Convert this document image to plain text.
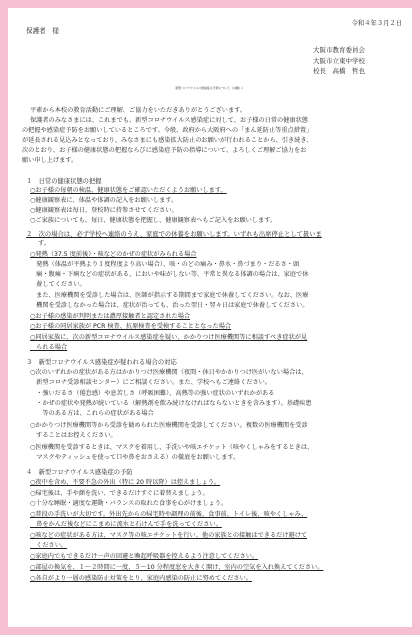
令和４年３月２日
保護者　様
大阪市教育委員会
大阪市立東中学校
校長　高橋　哲也
新型コロナウイルス感染症の予防について（お願い）
平素から本校の教育活動にご理解、ご協力をいただきありがとうございます。
保護者のみなさまには、これまでも、新型コロナウイルス感染症に対して、お子様の日常の健康状態
の把握や感染症予防をお願いしているところです。今般、政府から大阪府への「まん延防止等重点措置」
が延長される見込みとなっており、みなさまにも感染拡大防止のお願いが行われることから、引き続き、
次のとおり、お子様の健康状態の把握ならびに感染症予防の指導について、よろしくご理解ご協力をお
願い申し上げます。
１　日常の健康状態の把握
○お子様の毎朝の検温、健康状態をご確認いただくようお願いします。
○健康観察表に、体温や体調の記入をお願いします。
○健康観察表は毎日、登校時に持参させてください。
○ご家族についても、毎日、健康状態を把握し、健康観察表へもご記入をお願いします。
２　次の場合は、必ず学校へ連絡のうえ、家庭での休養をお願いします。いずれも出席停止として扱いま
す。
○発熱（37.5 度前後）・咳などのかぜの症状がみられる場合
　発熱（体温が平熱より１度程度より高い場合）、咳・のどの痛み・鼻水・鼻づまり・だるさ・頭
　痛・腹痛・下痢などの症状がある、においや味がしない等、平常と異なる体調の場合は、家庭で休
　養してください。
　また、医療機関を受診した場合は、医師が指示する期間まで家庭で休養してください。なお、医療
　機関を受診しなかった場合は、症状が治っても、治った翌日・翌々日は家庭で休養してください。
○お子様の感染が判明または濃厚接触者と認定された場合
○お子様の同居家族が PCR 検査、抗原検査を受検することとなった場合
○同居家族に、次の新型コロナウイルス感染症を疑い、かかりつけ医療機関等に相談すべき症状が見
　られる場合
３　新型コロナウイルス感染症が疑われる場合の対応
○次のいずれかの症状がある方はかかりつけ医療機関（夜間・休日やかかりつけ医がいない場合は、
　新型コロナ受診相談センター）にご相談ください。また、学校へもご連絡ください。
　・強いだるさ（倦怠感）や息苦しさ（呼吸困難）、高熱等の強い症状のいずれかがある
　・かぜの症状や発熱が続いている（解熱剤を飲み続けなければならないときを含みます）。基礎疾患
　　等のある方は、これらの症状がある場合
○かかりつけ医療機関等から受診を勧められた医療機関を受診してください。複数の医療機関を受診
　することはお控えください。
○医療機関を受診するときは、マスクを着用し、手洗いや咳エチケット（咳やくしゃみをするときは、
　マスクやティッシュを使って口や鼻をおさえる）の徹底をお願いします。
４　新型コロナウイルス感染症の予防
○夜中を含め、不要不急の外出（特に 20 時以降）は控えましょう。
○帰宅後は、手や顔を洗い、できるだけすぐに着替えましょう。
○十分な睡眠・適度な運動・バランスの取れた食事を心がけましょう。
○普段の手洗いが大切です。外出先からの帰宅時や調理の前後、食事前、トイレ後、咳やくしゃみ、
　鼻をかんだ後などにこまめに流水と石けんで手を洗ってください。
○咳などの症状がある方は、マスク等の咳エチケットを行い、他の家族との接触はできるだけ避けて
　ください。
○家庭内でもできるだけ一声の回避と喚起呼吸器を控えるよう注意してください。
○部屋の換気を、１～２時間に一度、５～10 分程度窓を大きく開け、室内の空気を入れ換えてください。
○各自がより一層の感染防止対策をとり、家庭内感染の防止に努めてください。
